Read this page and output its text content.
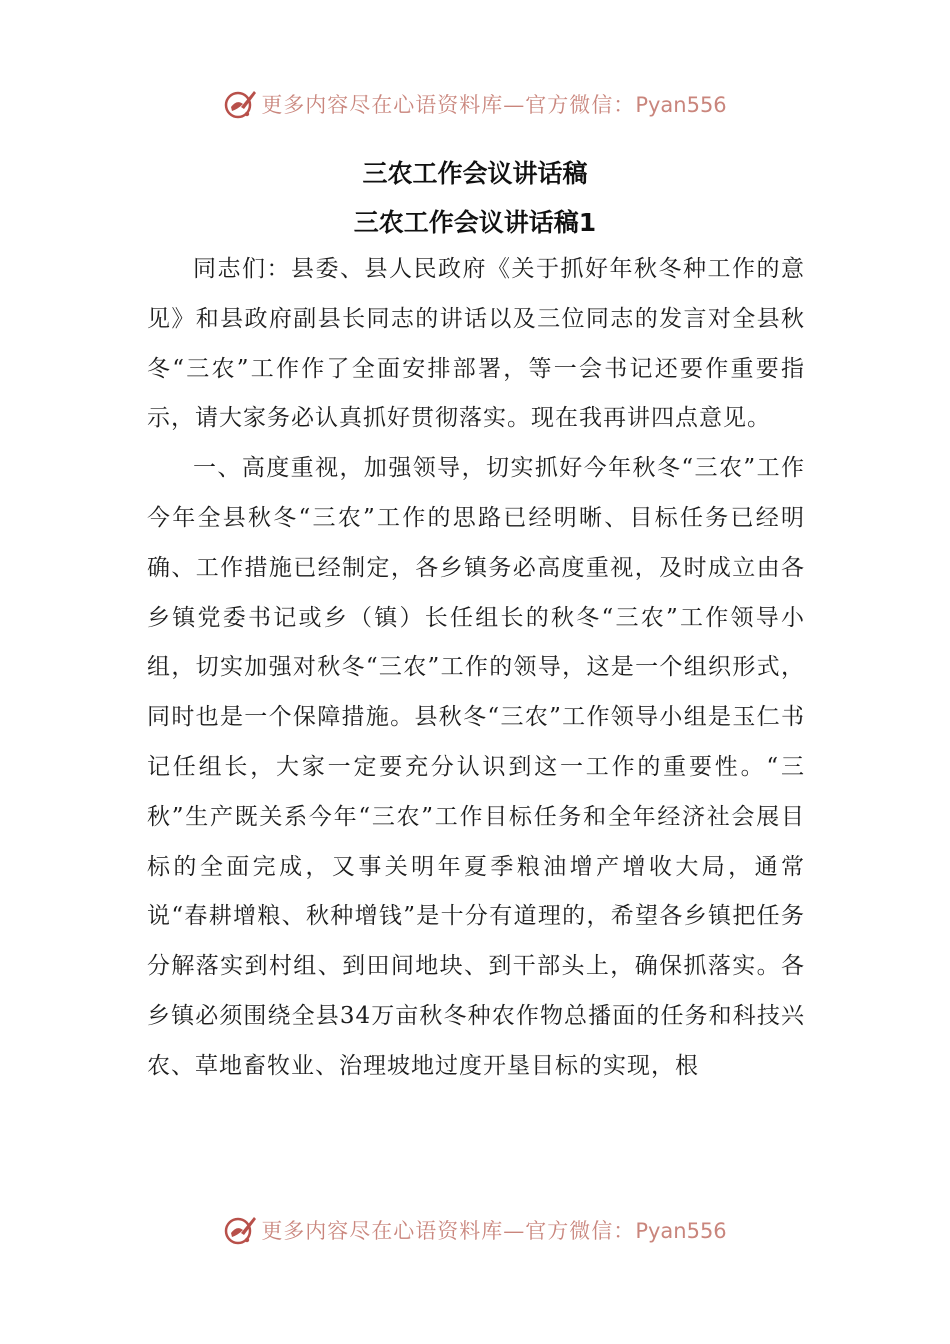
更多内容尽在心语资料库—官方微信：Pyan556
三农工作会议讲话稿
三农工作会议讲话稿1

同志们：县委、县人民政府《关于抓好年秋冬种工作的意见》和县政府副县长同志的讲话以及三位同志的发言对全县秋冬“三农”工作作了全面安排部署，等一会书记还要作重要指示，请大家务必认真抓好贯彻落实。现在我再讲四点意见。

一、高度重视，加强领导，切实抓好今年秋冬“三农”工作今年全县秋冬“三农”工作的思路已经明晰、目标任务已经明确、工作措施已经制定，各乡镇务必高度重视，及时成立由各乡镇党委书记或乡（镇）长任组长的秋冬“三农”工作领导小组，切实加强对秋冬“三农”工作的领导，这是一个组织形式，同时也是一个保障措施。县秋冬“三农”工作领导小组是玉仁书记任组长，大家一定要充分认识到这一工作的重要性。“三秋”生产既关系今年“三农”工作目标任务和全年经济社会展目标的全面完成，又事关明年夏季粮油增产增收大局，通常说“春耕增粮、秋种增钱”是十分有道理的，希望各乡镇把任务分解落实到村组、到田间地块、到干部头上，确保抓落实。各乡镇必须围绕全县34万亩秋冬种农作物总播面的任务和科技兴农、草地畜牧业、治理坡地过度开垦目标的实现，根

更多内容尽在心语资料库—官方微信：Pyan556
